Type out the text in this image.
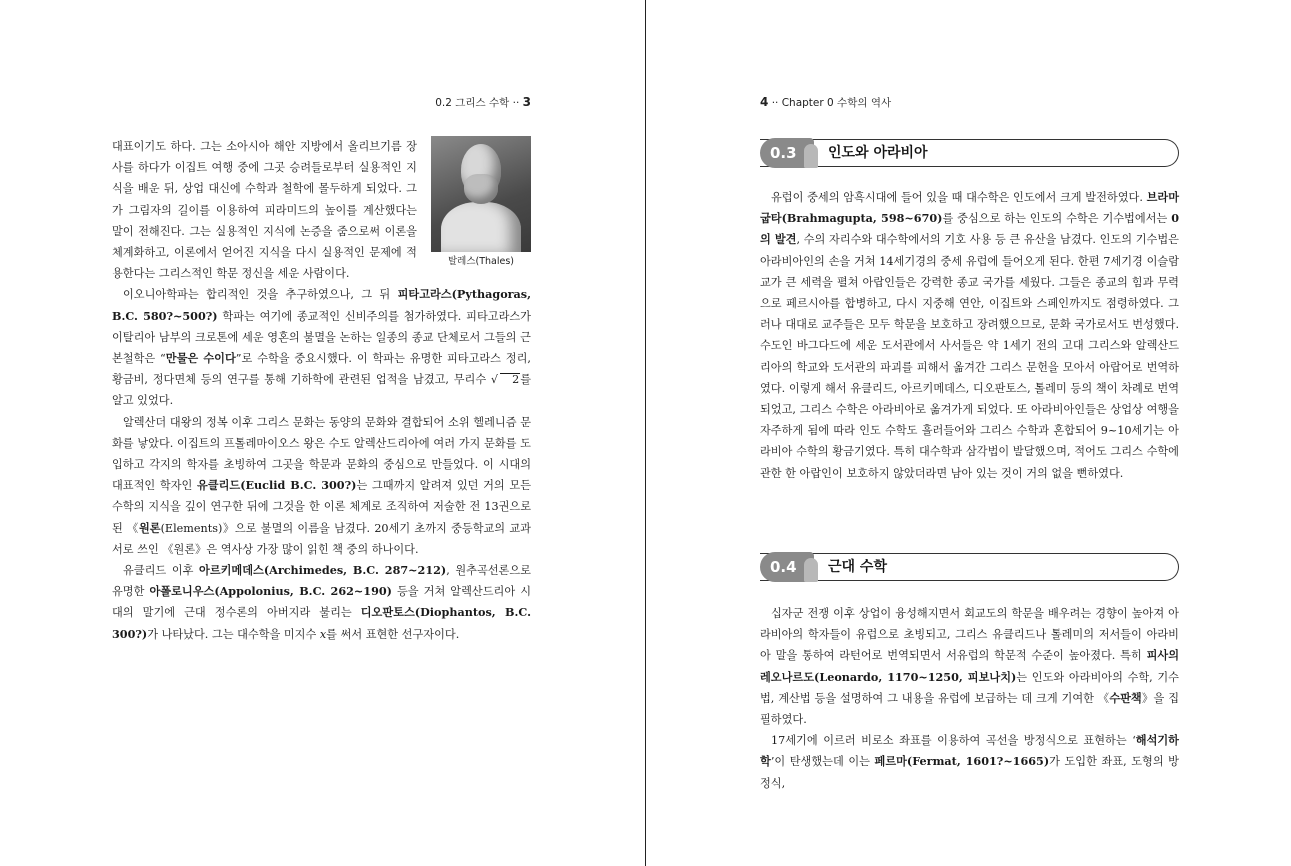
0.2 그리스 수학 ·· 3
탈레스(Thales)

대표이기도 하다. 그는 소아시아 해안 지방에서 올리브기름 장사를 하다가 이집트 여행 중에 그곳 승려들로부터 실용적인 지식을 배운 뒤, 상업 대신에 수학과 철학에 몰두하게 되었다. 그가 그림자의 길이를 이용하여 피라미드의 높이를 계산했다는 말이 전해진다. 그는 실용적인 지식에 논증을 줌으로써 이론을 체계화하고, 이론에서 얻어진 지식을 다시 실용적인 문제에 적용한다는 그리스적인 학문 정신을 세운 사람이다.

이오니아학파는 합리적인 것을 추구하였으나, 그 뒤 피타고라스(Pythagoras, B.C. 580?~500?) 학파는 여기에 종교적인 신비주의를 첨가하였다. 피타고라스가 이탈리아 남부의 크로톤에 세운 영혼의 불멸을 논하는 일종의 종교 단체로서 그들의 근본철학은 “만물은 수이다”로 수학을 중요시했다. 이 학파는 유명한 피타고라스 정리, 황금비, 정다면체 등의 연구를 통해 기하학에 관련된 업적을 남겼고, 무리수 √ 2를 알고 있었다.

알렉산더 대왕의 정복 이후 그리스 문화는 동양의 문화와 결합되어 소위 헬레니즘 문화를 낳았다. 이집트의 프톨레마이오스 왕은 수도 알렉산드리아에 여러 가지 문화를 도입하고 각지의 학자를 초빙하여 그곳을 학문과 문화의 중심으로 만들었다. 이 시대의 대표적인 학자인 유클리드(Euclid B.C. 300?)는 그때까지 알려져 있던 거의 모든 수학의 지식을 깊이 연구한 뒤에 그것을 한 이론 체계로 조직하여 저술한 전 13권으로 된 《원론(Elements)》으로 불멸의 이름을 남겼다. 20세기 초까지 중등학교의 교과서로 쓰인 《원론》은 역사상 가장 많이 읽힌 책 중의 하나이다.

유클리드 이후 아르키메데스(Archimedes, B.C. 287~212), 원추곡선론으로 유명한 아폴로니우스(Appolonius, B.C. 262~190) 등을 거쳐 알렉산드리아 시대의 말기에 근대 정수론의 아버지라 불리는 디오판토스(Diophantos, B.C. 300?)가 나타났다. 그는 대수학을 미지수 x를 써서 표현한 선구자이다.

4 ·· Chapter 0 수학의 역사
0.3	인도와 아라비아

유럽이 중세의 암흑시대에 들어 있을 때 대수학은 인도에서 크게 발전하였다. 브라마굽타(Brahmagupta, 598~670)를 중심으로 하는 인도의 수학은 기수법에서는 0의 발견, 수의 자리수와 대수학에서의 기호 사용 등 큰 유산을 남겼다. 인도의 기수법은 아라비아인의 손을 거쳐 14세기경의 중세 유럽에 들어오게 된다. 한편 7세기경 이슬람교가 큰 세력을 펼쳐 아랍인들은 강력한 종교 국가를 세웠다. 그들은 종교의 힘과 무력으로 페르시아를 합병하고, 다시 지중해 연안, 이집트와 스페인까지도 점령하였다. 그러나 대대로 교주들은 모두 학문을 보호하고 장려했으므로, 문화 국가로서도 번성했다. 수도인 바그다드에 세운 도서관에서 사서들은 약 1세기 전의 고대 그리스와 알렉산드리아의 학교와 도서관의 파괴를 피해서 옮겨간 그리스 문헌을 모아서 아랍어로 번역하였다. 이렇게 해서 유클리드, 아르키메데스, 디오판토스, 톨레미 등의 책이 차례로 번역되었고, 그리스 수학은 아라비아로 옮겨가게 되었다. 또 아라비아인들은 상업상 여행을 자주하게 됨에 따라 인도 수학도 흘러들어와 그리스 수학과 혼합되어 9~10세기는 아라비아 수학의 황금기였다. 특히 대수학과 삼각법이 발달했으며, 적어도 그리스 수학에 관한 한 아랍인이 보호하지 않았더라면 남아 있는 것이 거의 없을 뻔하였다.

0.4	근대 수학

십자군 전쟁 이후 상업이 융성해지면서 회교도의 학문을 배우려는 경향이 높아져 아라비아의 학자들이 유럽으로 초빙되고, 그리스 유클리드나 톨레미의 저서들이 아라비아 말을 통하여 라턴어로 번역되면서 서유럽의 학문적 수준이 높아졌다. 특히 피사의 레오나르도(Leonardo, 1170~1250, 피보나치)는 인도와 아라비아의 수학, 기수법, 계산법 등을 설명하여 그 내용을 유럽에 보급하는 데 크게 기여한 《수판책》을 집필하였다.

17세기에 이르러 비로소 좌표를 이용하여 곡선을 방정식으로 표현하는 ‘해석기하학’이 탄생했는데 이는 페르마(Fermat, 1601?~1665)가 도입한 좌표, 도형의 방정식,
